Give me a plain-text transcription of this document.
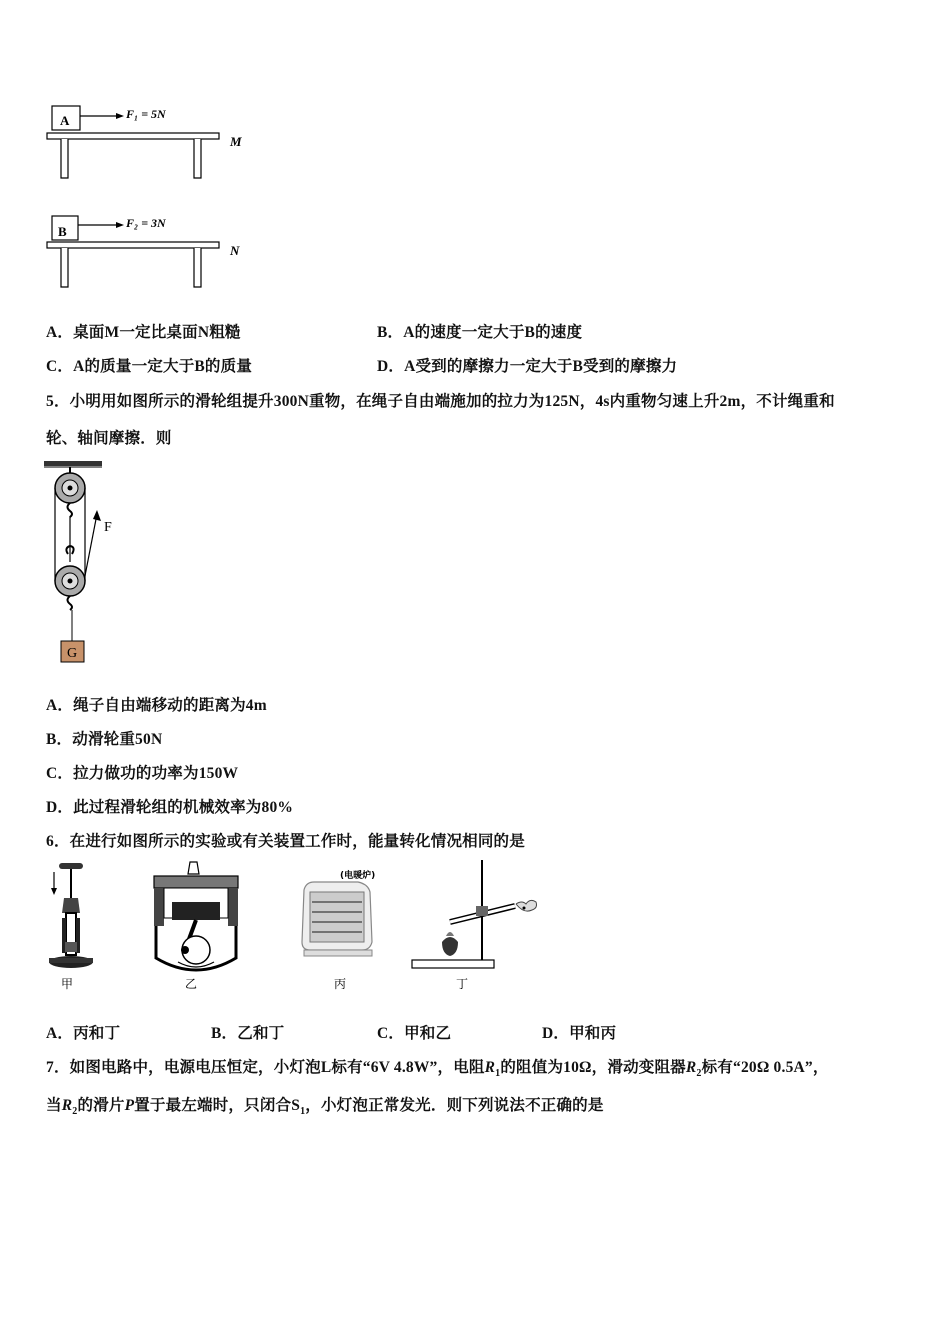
A	F₁ = 5N
M
B
F₂ = 3N
N
A．桌面M一定比桌面N粗糙	B．A的速度一定大于B的速度
C．A的质量一定大于B的质量	D．A受到的摩擦力一定大于B受到的摩擦力
5．小明用如图所示的滑轮组提升300N重物，在绳子自由端施加的拉力为125N，4s内重物匀速上升2m，不计绳重和
轮、轴间摩擦．则
F
G
A．绳子自由端移动的距离为4m
B．动滑轮重50N
C．拉力做功的功率为150W
D．此过程滑轮组的机械效率为80%
6．在进行如图所示的实验或有关装置工作时，能量转化情况相同的是
甲	乙
(电暖炉)
丙	丁
A．丙和丁	B．乙和丁	C．甲和乙	D．甲和丙
7．如图电路中，电源电压恒定，小灯泡L标有“6V 4.8W”，电阻$R_1$的阻值为10Ω，滑动变阻器$R_2$标有“20Ω 0.5A”，
当$R_2$的滑片P置于最左端时，只闭合$S_1$，小灯泡正常发光．则下列说法不正确的是
